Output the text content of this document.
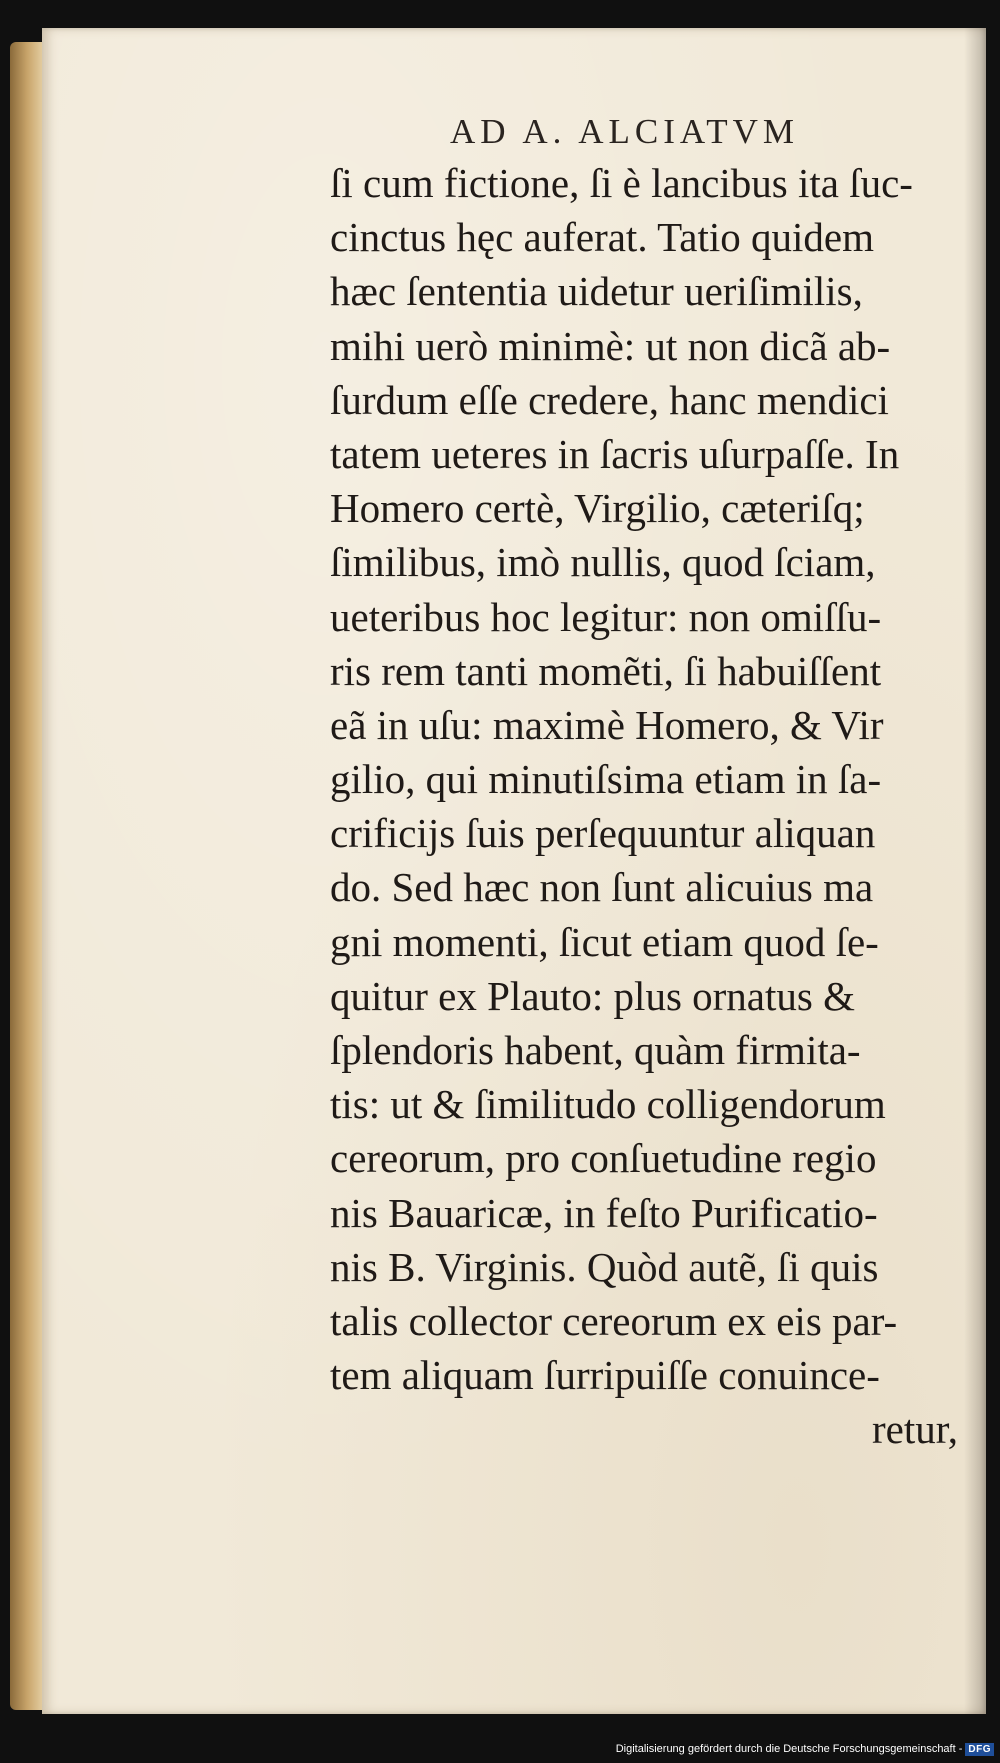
AD A. ALCIATVM
ſi cum fictione, ſi è lancibus ita ſuc-
cinctus hęc auferat. Tatio quidem
hæc ſententia uidetur ueriſimilis,
mihi uerò minimè: ut non dicã ab-
ſurdum eſſe credere, hanc mendici
tatem ueteres in ſacris uſurpaſſe. In
Homero certè, Virgilio, cæteriſq;
ſimilibus, imò nullis, quod ſciam,
ueteribus hoc legitur: non omiſſu-
ris rem tanti momẽti, ſi habuiſſent
eã in uſu: maximè Homero, & Vir
gilio, qui minutiſsima etiam in ſa-
crificijs ſuis perſequuntur aliquan
do. Sed hæc non ſunt alicuius ma
gni momenti, ſicut etiam quod ſe-
quitur ex Plauto: plus ornatus &
ſplendoris habent, quàm firmita-
tis: ut & ſimilitudo colligendorum
cereorum, pro conſuetudine regio
nis Bauaricæ, in feſto Purificatio-
nis B. Virginis. Quòd autẽ, ſi quis
talis collector cereorum ex eis par-
tem aliquam ſurripuiſſe conuince-
retur,
Digitalisierung gefördert durch die Deutsche Forschungsgemeinschaft - DFG
